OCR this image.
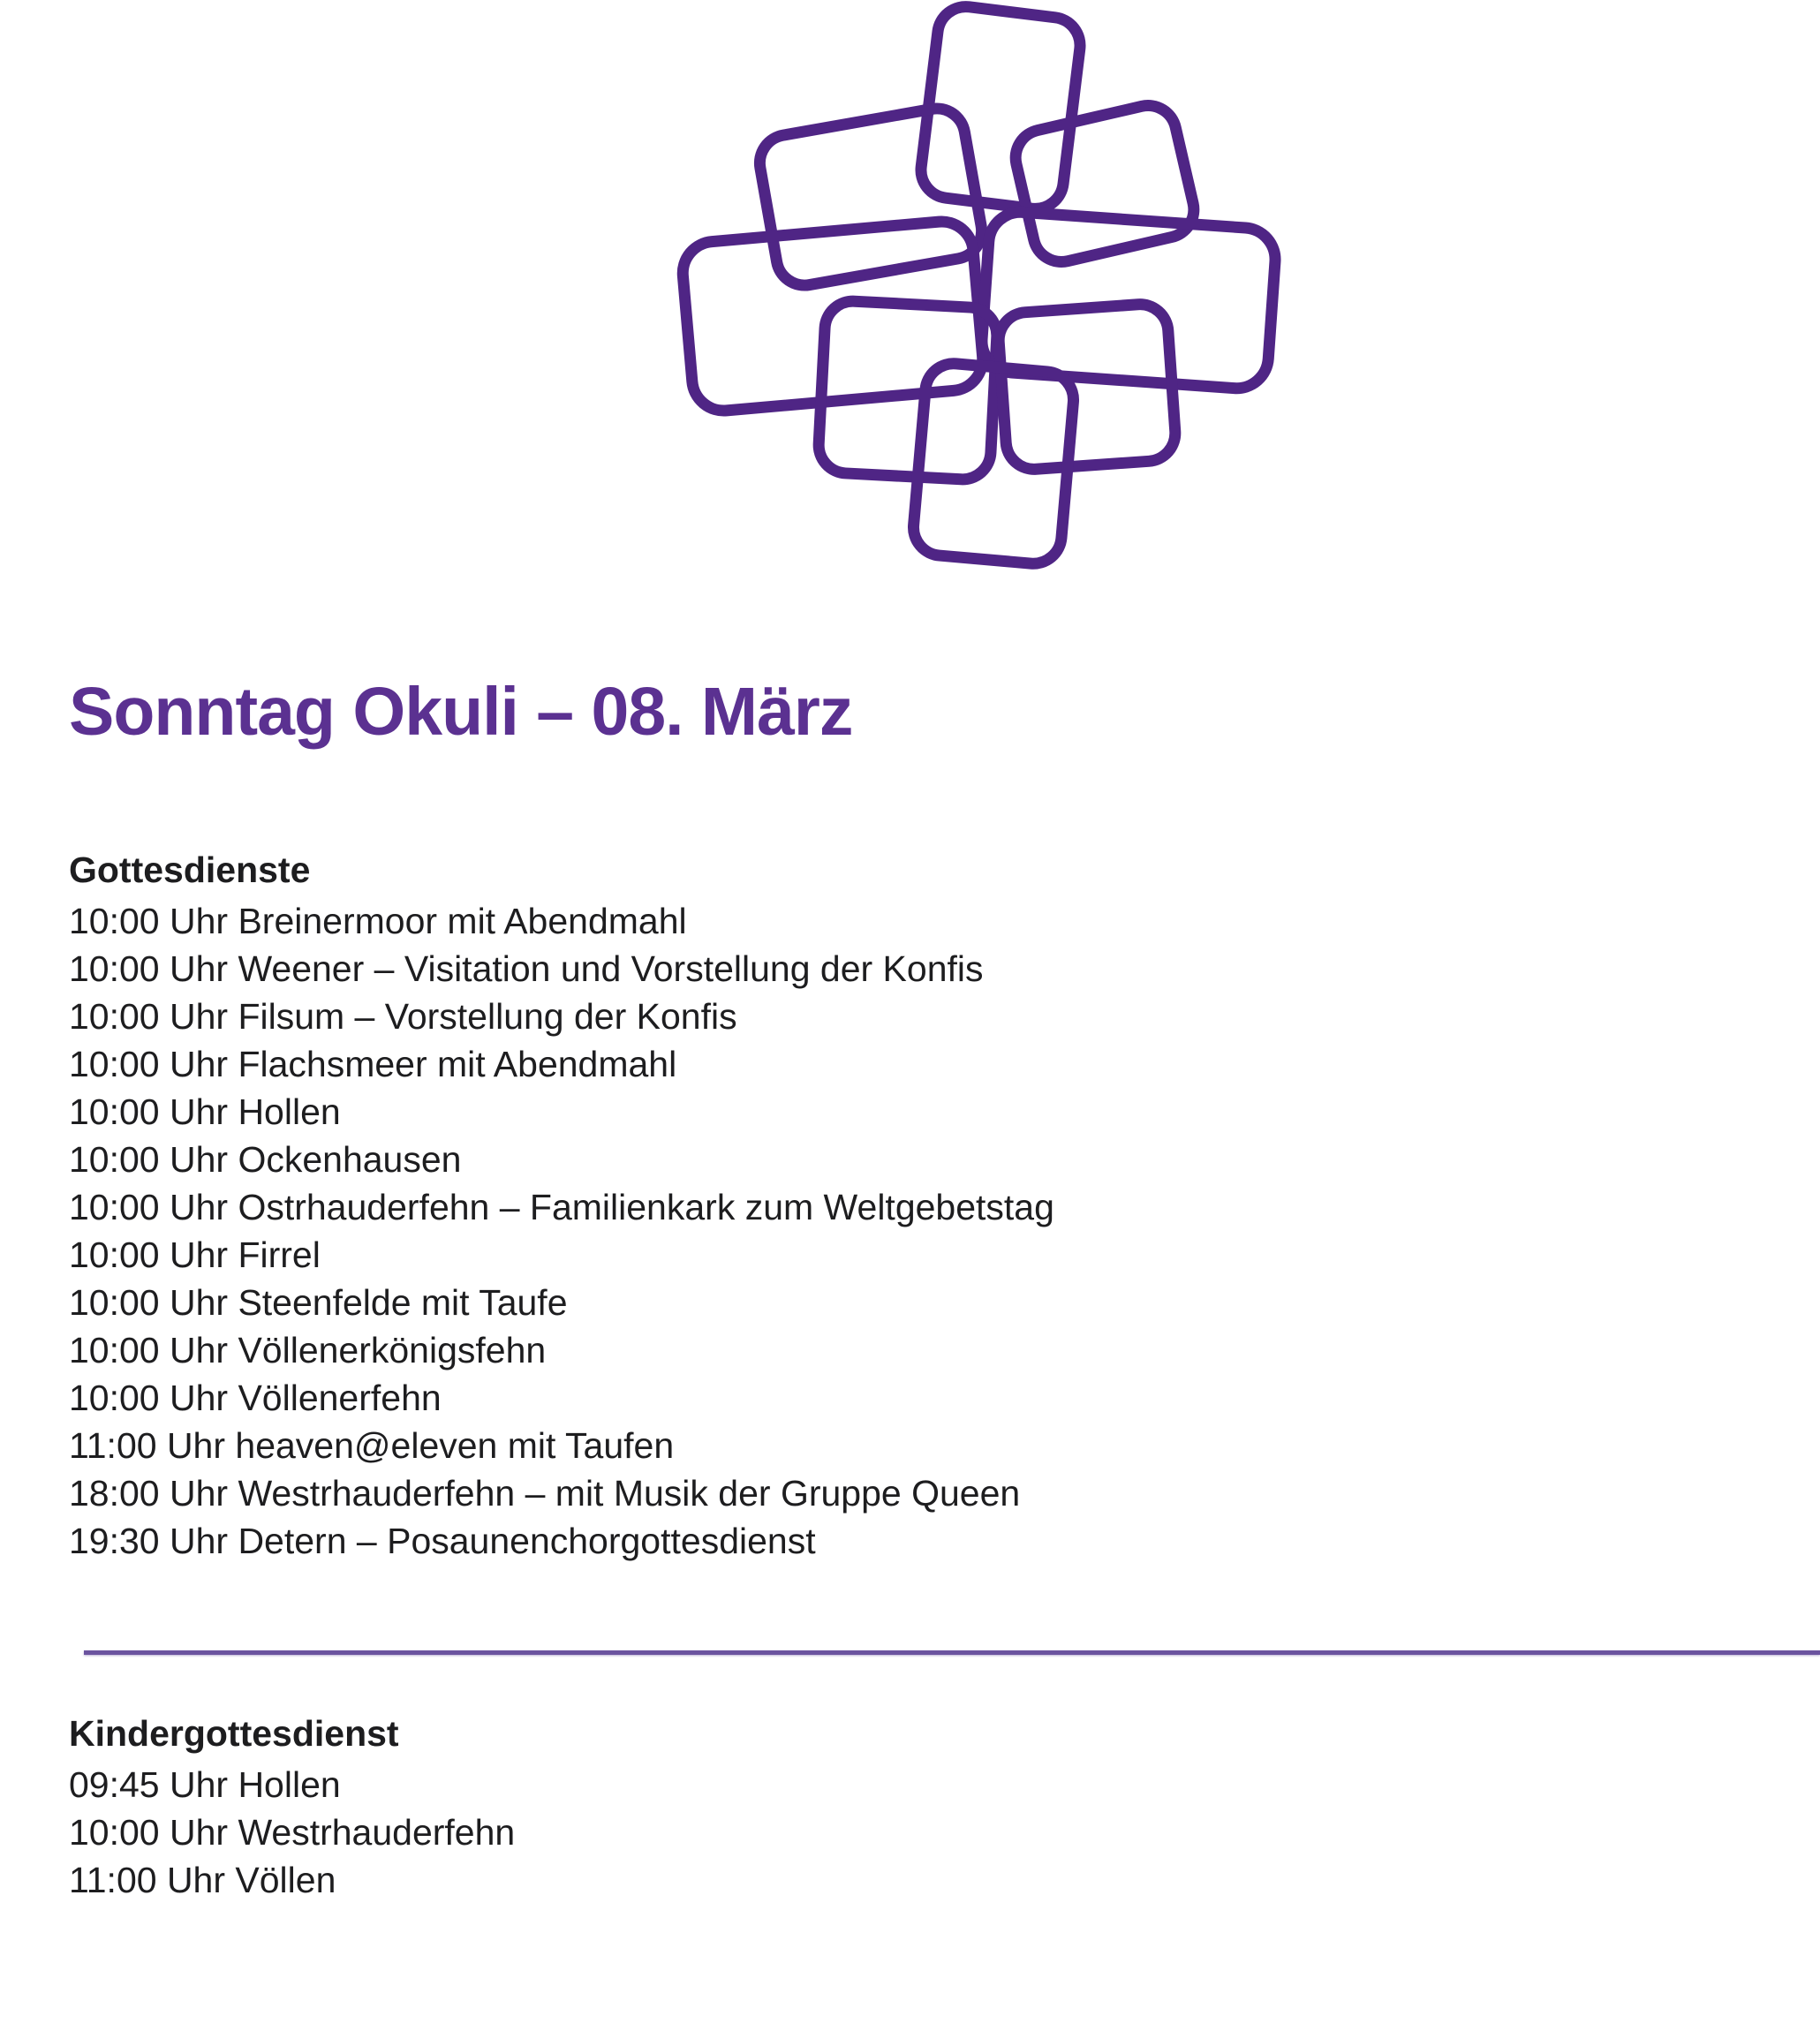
Sonntag Okuli – 08. März
Gottesdienste
10:00 Uhr Breinermoor mit Abendmahl
10:00 Uhr Weener – Visitation und Vorstellung der Konfis
10:00 Uhr Filsum – Vorstellung der Konfis
10:00 Uhr Flachsmeer mit Abendmahl
10:00 Uhr Hollen
10:00 Uhr Ockenhausen
10:00 Uhr Ostrhauderfehn – Familienkark zum Weltgebetstag
10:00 Uhr Firrel
10:00 Uhr Steenfelde mit Taufe
10:00 Uhr Völlenerkönigsfehn
10:00 Uhr Völlenerfehn
11:00 Uhr heaven@eleven mit Taufen
18:00 Uhr Westrhauderfehn – mit Musik der Gruppe Queen
19:30 Uhr Detern – Posaunenchorgottesdienst
Kindergottesdienst
09:45 Uhr Hollen
10:00 Uhr Westrhauderfehn
11:00 Uhr Völlen
